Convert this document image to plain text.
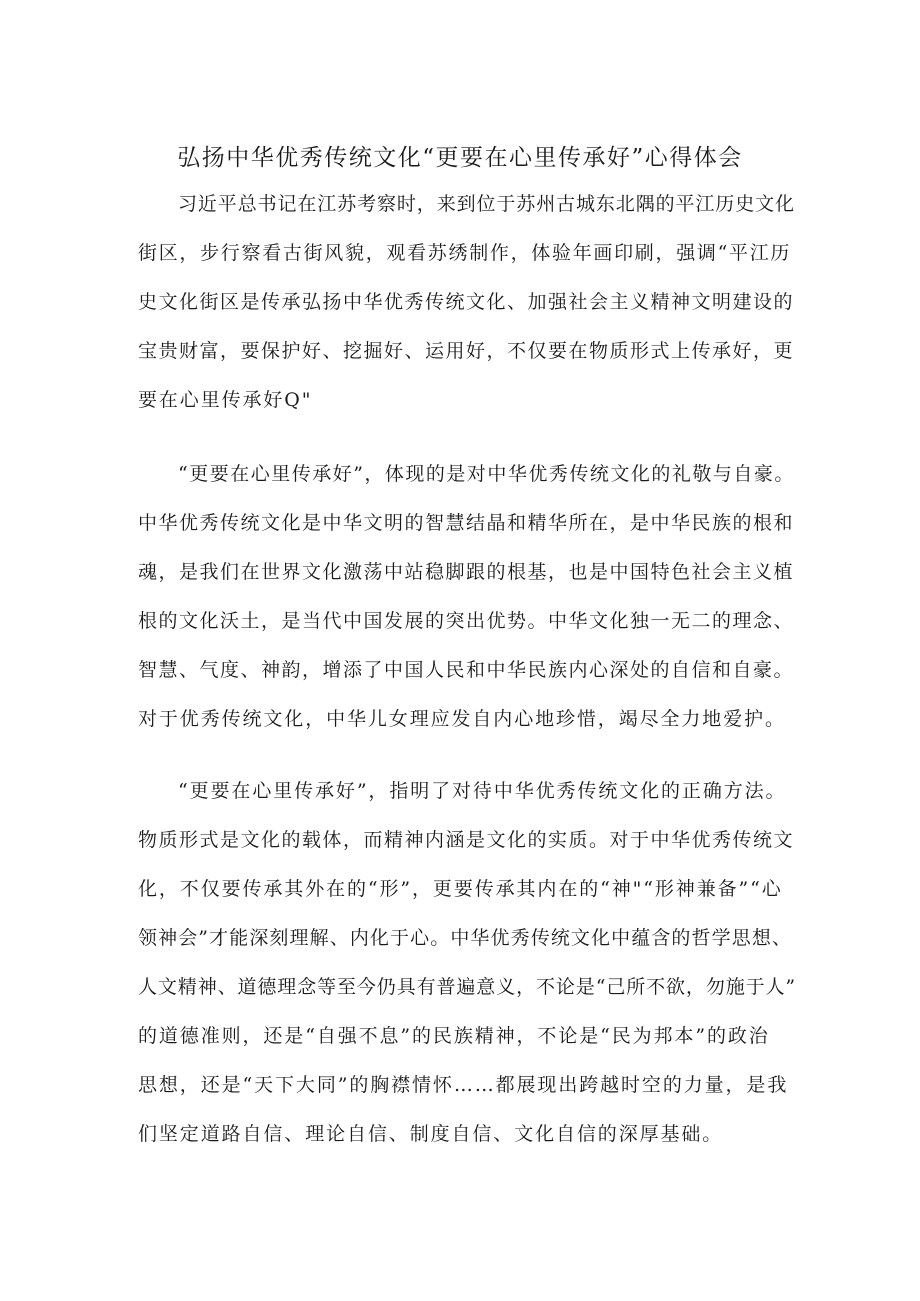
弘扬中华优秀传统文化“更要在心里传承好”心得体会

习近平总书记在江苏考察时，来到位于苏州古城东北隅的平江历史文化
街区，步行察看古街风貌，观看苏绣制作，体验年画印刷，强调“平江历
史文化街区是传承弘扬中华优秀传统文化、加强社会主义精神文明建设的
宝贵财富，要保护好、挖掘好、运用好，不仅要在物质形式上传承好，更
要在心里传承好Q"

“更要在心里传承好”，体现的是对中华优秀传统文化的礼敬与自豪。
中华优秀传统文化是中华文明的智慧结晶和精华所在，是中华民族的根和
魂，是我们在世界文化激荡中站稳脚跟的根基，也是中国特色社会主义植
根的文化沃土，是当代中国发展的突出优势。中华文化独一无二的理念、
智慧、气度、神韵，增添了中国人民和中华民族内心深处的自信和自豪。
对于优秀传统文化，中华儿女理应发自内心地珍惜，竭尽全力地爱护。

“更要在心里传承好”，指明了对待中华优秀传统文化的正确方法。
物质形式是文化的载体，而精神内涵是文化的实质。对于中华优秀传统文
化，不仅要传承其外在的“形”，更要传承其内在的“神"“形神兼备”“心
领神会”才能深刻理解、内化于心。中华优秀传统文化中蕴含的哲学思想、
人文精神、道德理念等至今仍具有普遍意义，不论是“己所不欲，勿施于人”
的道德准则，还是“自强不息”的民族精神，不论是“民为邦本”的政治
思想，还是“天下大同”的胸襟情怀……都展现出跨越时空的力量，是我
们坚定道路自信、理论自信、制度自信、文化自信的深厚基础。
